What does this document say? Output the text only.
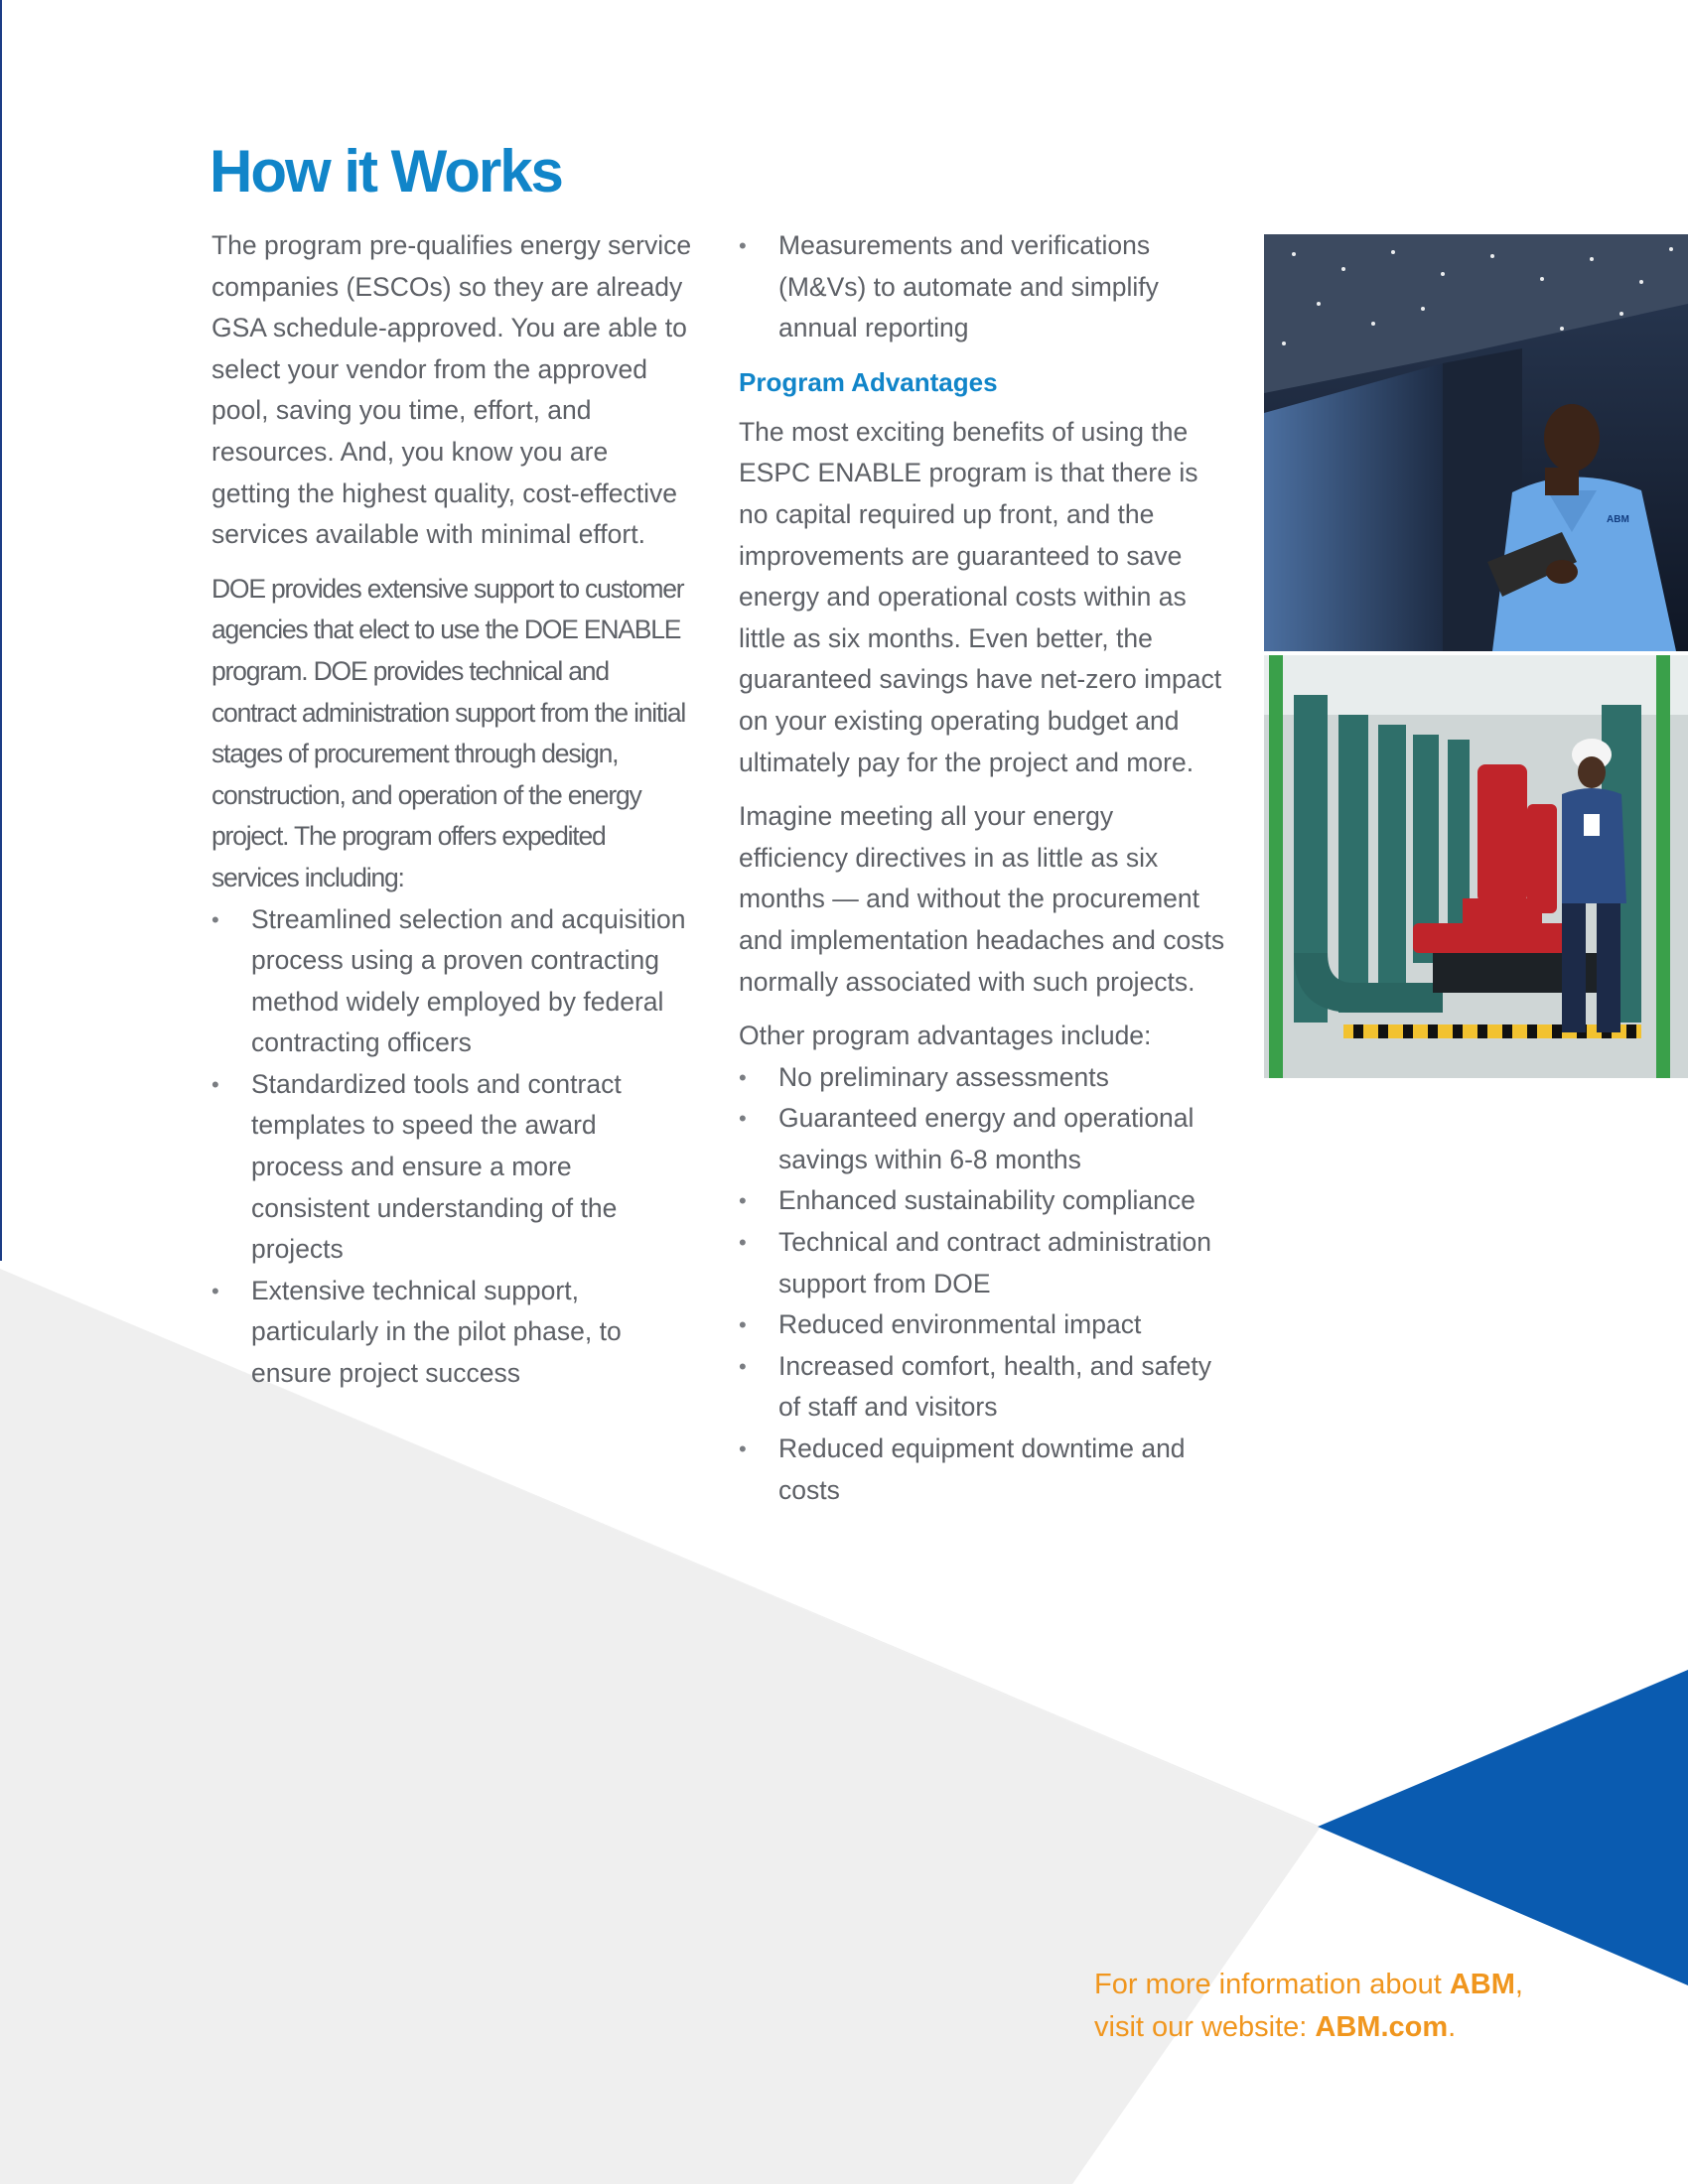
How it Works

The program pre-qualifies energy service companies (ESCOs) so they are already GSA schedule-approved. You are able to select your vendor from the approved pool, saving you time, effort, and resources. And, you know you are getting the highest quality, cost-effective services available with minimal effort.

DOE provides extensive support to customer agencies that elect to use the DOE ENABLE program. DOE provides technical and contract administration support from the initial stages of procurement through design, construction, and operation of the energy project. The program offers expedited services including:

• Streamlined selection and acquisition process using a proven contracting method widely employed by federal contracting officers
• Standardized tools and contract templates to speed the award process and ensure a more consistent understanding of the projects
• Extensive technical support, particularly in the pilot phase, to ensure project success
• Measurements and verifications (M&Vs) to automate and simplify annual reporting
Program Advantages

The most exciting benefits of using the ESPC ENABLE program is that there is no capital required up front, and the improvements are guaranteed to save energy and operational costs within as little as six months. Even better, the guaranteed savings have net-zero impact on your existing operating budget and ultimately pay for the project and more.

Imagine meeting all your energy efficiency directives in as little as six months — and without the procurement and implementation headaches and costs normally associated with such projects.

Other program advantages include:

• No preliminary assessments
• Guaranteed energy and operational savings within 6-8 months
• Enhanced sustainability compliance
• Technical and contract administration support from DOE
• Reduced environmental impact
• Increased comfort, health, and safety of staff and visitors
• Reduced equipment downtime and costs
ABM
For more information about ABM,
visit our website: ABM.com.
